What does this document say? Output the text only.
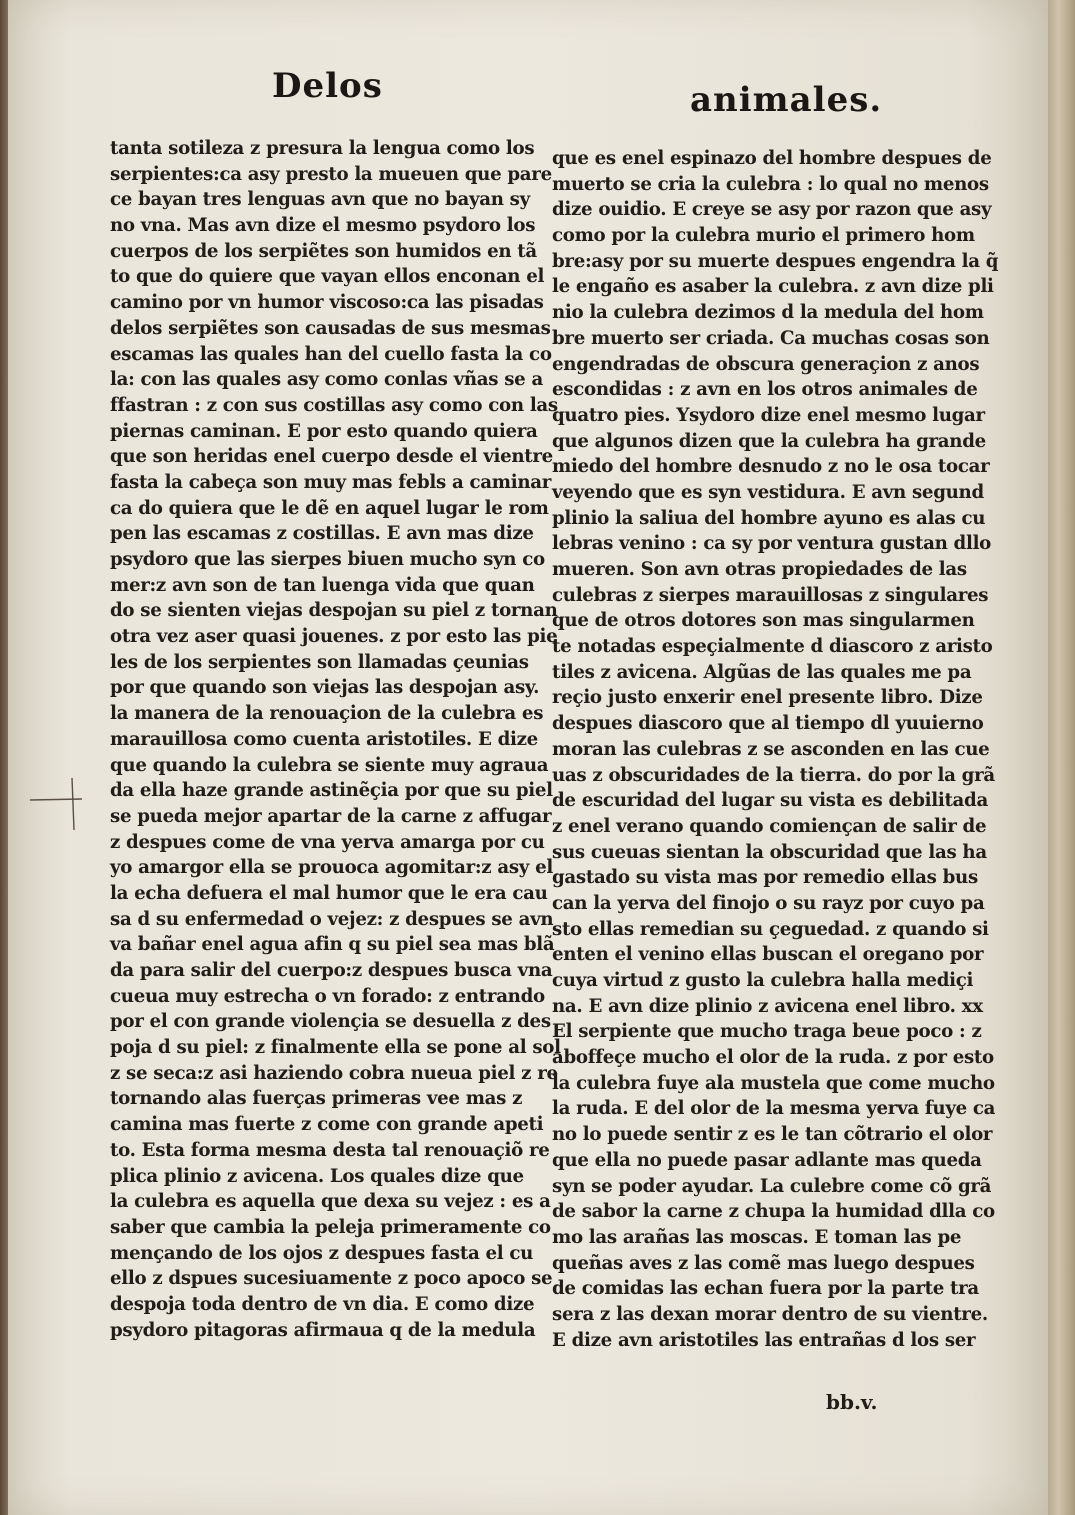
Delos	animales.
tanta sotileza z presura la lengua como los
serpientes:ca asy presto la mueuen que pare
ce bayan tres lenguas avn que no bayan sy
no vna. Mas avn dize el mesmo psydoro los
cuerpos de los serpiẽtes son humidos en tã
to que do quiere que vayan ellos enconan el
camino por vn humor viscoso:ca las pisadas
delos serpiẽtes son causadas de sus mesmas
escamas las quales han del cuello fasta la co
la: con las quales asy como conlas vñas se a
ffastran : z con sus costillas asy como con las
piernas caminan. E por esto quando quiera
que son heridas enel cuerpo desde el vientre
fasta la cabeça son muy mas febls a caminar
ca do quiera que le dẽ en aquel lugar le rom
pen las escamas z costillas. E avn mas dize
psydoro que las sierpes biuen mucho syn co
mer:z avn son de tan luenga vida que quan
do se sienten viejas despojan su piel z tornan
otra vez aser quasi jouenes. z por esto las pie
les de los serpientes son llamadas çeunias
por que quando son viejas las despojan asy.
la manera de la renouaçion de la culebra es
marauillosa como cuenta aristotiles. E dize
que quando la culebra se siente muy agraua
da ella haze grande astinẽçia por que su piel
se pueda mejor apartar de la carne z affugar
z despues come de vna yerva amarga por cu
yo amargor ella se prouoca agomitar:z asy el
la echa defuera el mal humor que le era cau
sa d su enfermedad o vejez: z despues se avn
va bañar enel agua afin q su piel sea mas blã
da para salir del cuerpo:z despues busca vna
cueua muy estrecha o vn forado: z entrando
por el con grande violençia se desuella z des
poja d su piel: z finalmente ella se pone al sol
z se seca:z asi haziendo cobra nueua piel z re
tornando alas fuerças primeras vee mas z
camina mas fuerte z come con grande apeti
to. Esta forma mesma desta tal renouaçiõ re
plica plinio z avicena. Los quales dize que
la culebra es aquella que dexa su vejez : es a
saber que cambia la peleja primeramente co
mençando de los ojos z despues fasta el cu
ello z dspues sucesiuamente z poco apoco se
despoja toda dentro de vn dia. E como dize
psydoro pitagoras afirmaua q de la medula
que es enel espinazo del hombre despues de
muerto se cria la culebra : lo qual no menos
dize ouidio. E creye se asy por razon que asy
como por la culebra murio el primero hom
bre:asy por su muerte despues engendra la q̃
le engaño es asaber la culebra. z avn dize pli
nio la culebra dezimos d la medula del hom
bre muerto ser criada. Ca muchas cosas son
engendradas de obscura generaçion z anos
escondidas : z avn en los otros animales de
quatro pies. Ysydoro dize enel mesmo lugar
que algunos dizen que la culebra ha grande
miedo del hombre desnudo z no le osa tocar
veyendo que es syn vestidura. E avn segund
plinio la saliua del hombre ayuno es alas cu
lebras venino : ca sy por ventura gustan dllo
mueren. Son avn otras propiedades de las
culebras z sierpes marauillosas z singulares
que de otros dotores son mas singularmen
te notadas espeçialmente d diascoro z aristo
tiles z avicena. Algũas de las quales me pa
reçio justo enxerir enel presente libro. Dize
despues diascoro que al tiempo dl yuuierno
moran las culebras z se asconden en las cue
uas z obscuridades de la tierra. do por la grã
de escuridad del lugar su vista es debilitada
z enel verano quando comiençan de salir de
sus cueuas sientan la obscuridad que las ha
gastado su vista mas por remedio ellas bus
can la yerva del finojo o su rayz por cuyo pa
sto ellas remedian su çeguedad. z quando si
enten el venino ellas buscan el oregano por
cuya virtud z gusto la culebra halla mediçi
na. E avn dize plinio z avicena enel libro. xx
El serpiente que mucho traga beue poco : z
aboffeçe mucho el olor de la ruda. z por esto
la culebra fuye ala mustela que come mucho
la ruda. E del olor de la mesma yerva fuye ca
no lo puede sentir z es le tan cõtrario el olor
que ella no puede pasar adlante mas queda
syn se poder ayudar. La culebre come cõ grã
de sabor la carne z chupa la humidad dlla co
mo las arañas las moscas. E toman las pe
queñas aves z las comẽ mas luego despues
de comidas las echan fuera por la parte tra
sera z las dexan morar dentro de su vientre.
E dize avn aristotiles las entrañas d los ser
bb.v.
